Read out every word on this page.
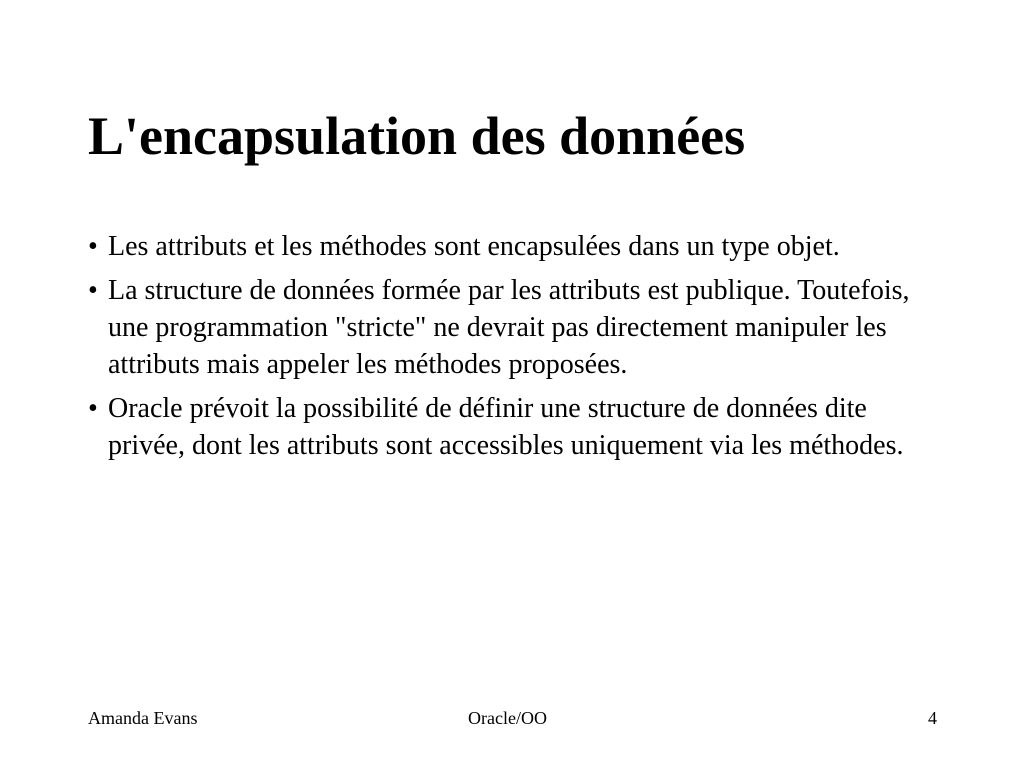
L'encapsulation des données
• Les attributs et les méthodes sont encapsulées dans un type objet.
• La structure de données formée par les attributs est publique. Toutefois, une programmation "stricte" ne devrait pas directement manipuler les attributs mais appeler les méthodes proposées.
• Oracle prévoit la possibilité de définir une structure de données dite privée, dont les attributs sont accessibles uniquement via les méthodes.
Amanda Evans	Oracle/OO	4
